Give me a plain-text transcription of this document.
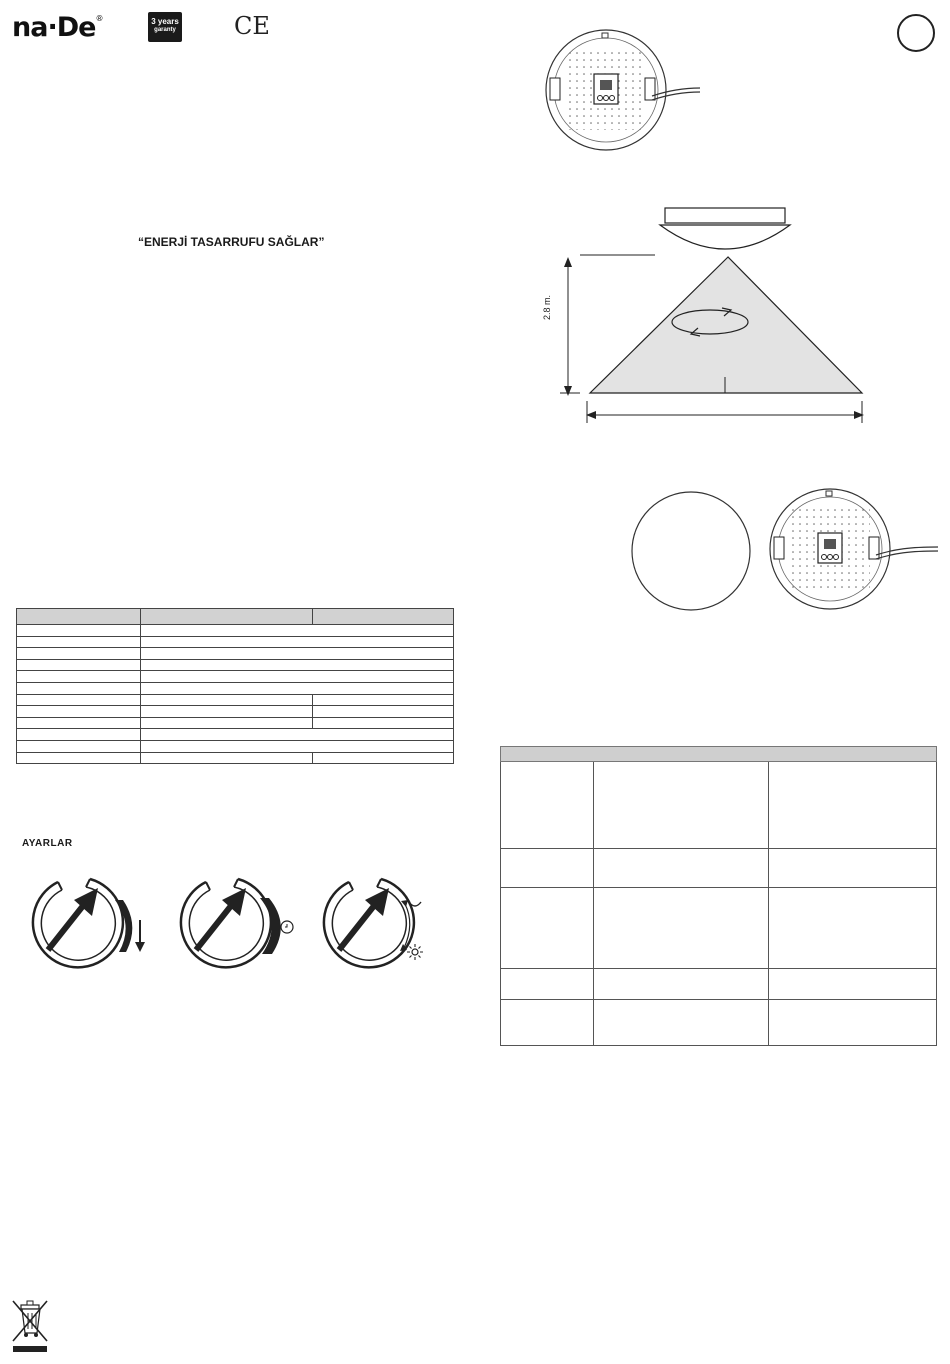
na·De®	3 years
garanty CE
“ENERJİ TASARRUFU SAĞLAR”
2.8 m.

AYARLAR
